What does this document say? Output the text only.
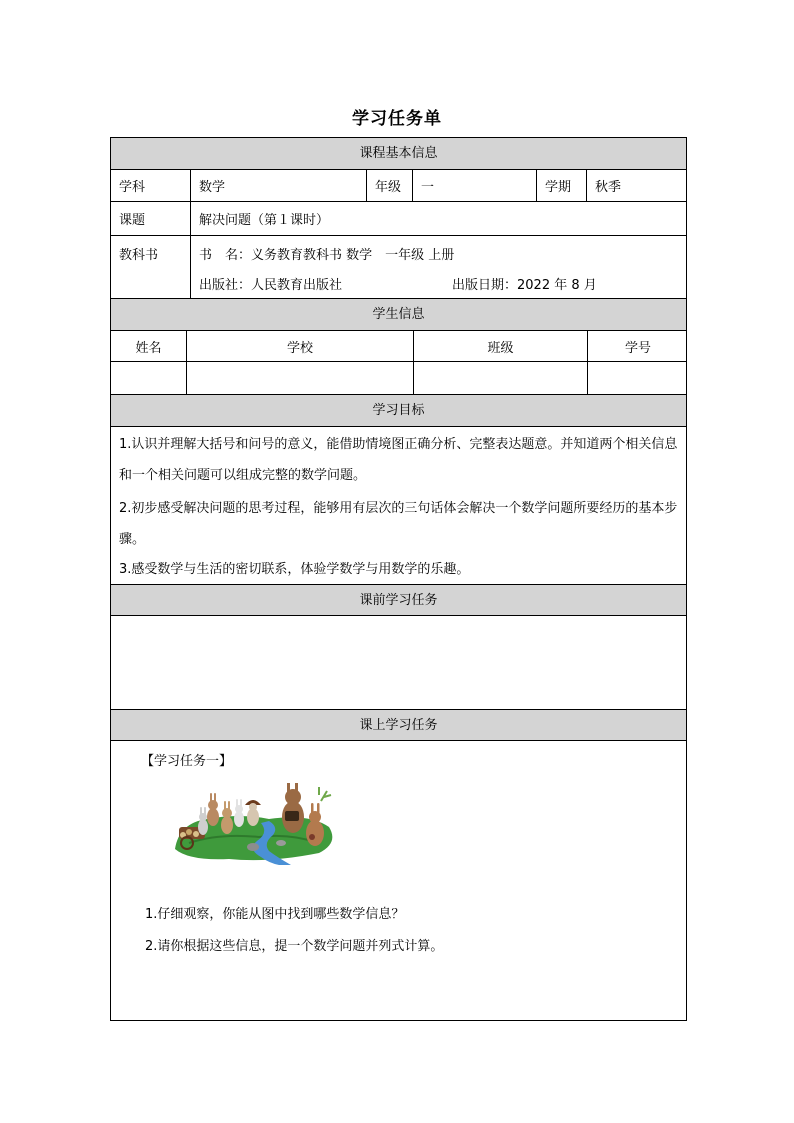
学习任务单
课程基本信息
学科	数学	年级	一	学期	秋季
课题	解决问题（第１课时）
教科书	书　名：义务教育教科书 数学　一年级 上册
出版社：人民教育出版社	出版日期：2022 年 8 月
学生信息
姓名	学校	班级	学号
学习目标
1.认识并理解大括号和问号的意义，能借助情境图正确分析、完整表达题意。并知道两个相关信息和一个相关问题可以组成完整的数学问题。
2.初步感受解决问题的思考过程，能够用有层次的三句话体会解决一个数学问题所要经历的基本步骤。
3.感受数学与生活的密切联系，体验学数学与用数学的乐趣。
课前学习任务
课上学习任务
【学习任务一】
1.仔细观察，你能从图中找到哪些数学信息？
2.请你根据这些信息，提一个数学问题并列式计算。
